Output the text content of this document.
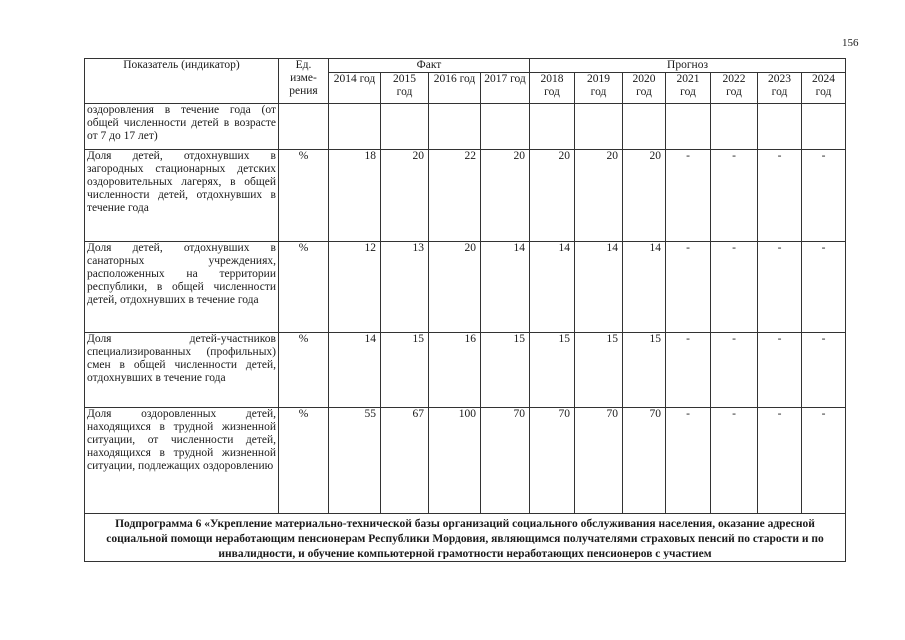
156
Показатель (индикатор)	Ед. изме-рения	Факт				Прогноз						
		2014 год	2015 год	2016 год	2017 год	2018 год	2019 год	2020 год	2021 год	2022 год	2023 год	2024 год
оздоровления в течение года (от общей численности детей в возрасте от 7 до 17 лет)												
Доля детей, отдохнувших в загородных стационарных детских оздоровительных лагерях, в общей численности детей, отдохнувших в течение года	%	18	20	22	20	20	20	20	-	-	-	-
Доля детей, отдохнувших в санаторных учреждениях, расположенных на территории республики, в общей численности детей, отдохнувших в течение года	%	12	13	20	14	14	14	14	-	-	-	-
Доля детей-участников специализированных (профильных) смен в общей численности детей, отдохнувших в течение года	%	14	15	16	15	15	15	15	-	-	-	-
Доля оздоровленных детей, находящихся в трудной жизненной ситуации, от численности детей, находящихся в трудной жизненной ситуации, подлежащих оздоровлению	%	55	67	100	70	70	70	70	-	-	-	-

Подпрограмма 6 «Укрепление материально-технической базы организаций социального обслуживания населения, оказание адресной социальной помощи неработающим пенсионерам Республики Мордовия, являющимся получателями страховых пенсий по старости и по инвалидности, и обучение компьютерной грамотности неработающих пенсионеров с участием												
